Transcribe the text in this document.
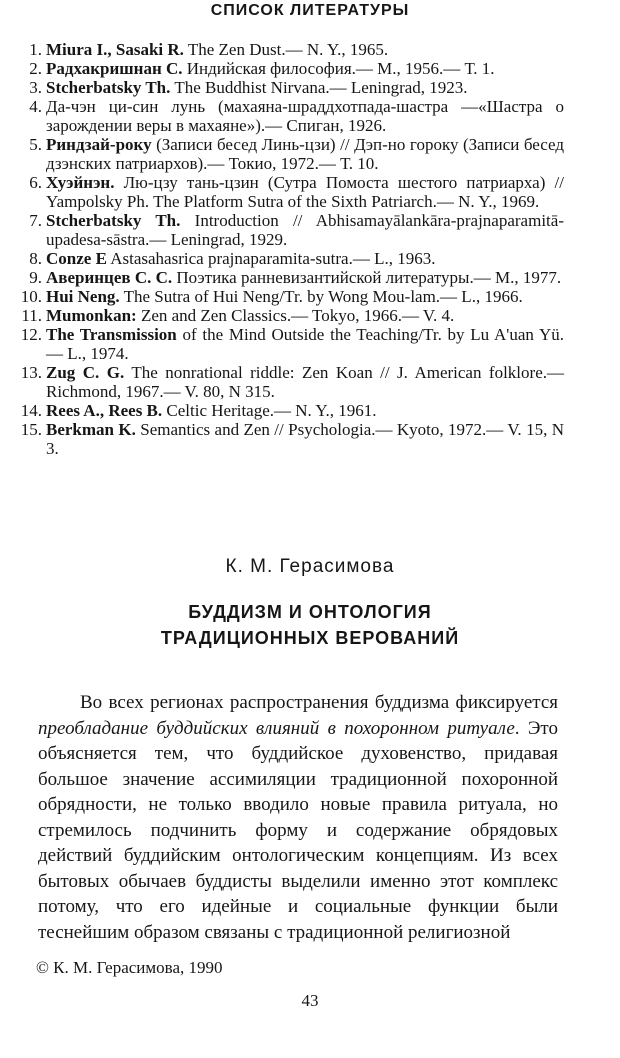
СПИСОК ЛИТЕРАТУРЫ
1. Miura I., Sasaki R. The Zen Dust.— N. Y., 1965.
2. Радхакришнан С. Индийская философия.— М., 1956.— Т. 1.
3. Stcherbatsky Th. The Buddhist Nirvana.— Leningrad, 1923.
4. Да-чэн ци-син лунь (махаяна-шраддхотпада-шастра —«Шастра о зарождении веры в махаяне»).— Спиган, 1926.
5. Риндзай-року (Записи бесед Линь-цзи) // Дэп-но гороку (Записи бесед дзэнских патриархов).— Токио, 1972.— Т. 10.
6. Хуэйнэн. Лю-цзу тань-цзин (Сутра Помоста шестого патриарха) // Yampolsky Ph. The Platform Sutra of the Sixth Patriarch.— N. Y., 1969.
7. Stcherbatsky Th. Introduction // Abhisamayālankāra-prajnaparamitā-upadesa-sāstra.— Leningrad, 1929.
8. Conze E Astasahasrica prajnaparamita-sutra.— L., 1963.
9. Аверинцев С. С. Поэтика ранневизантийской литературы.— М., 1977.
10. Hui Neng. The Sutra of Hui Neng/Tr. by Wong Mou-lam.— L., 1966.
11. Mumonkan: Zen and Zen Classics.— Tokyo, 1966.— V. 4.
12. The Transmission of the Mind Outside the Teaching/Tr. by Lu A'uan Yü.— L., 1974.
13. Zug C. G. The nonrational riddle: Zen Koan // J. American folklore.— Richmond, 1967.— V. 80, N 315.
14. Rees A., Rees B. Celtic Heritage.— N. Y., 1961.
15. Berkman K. Semantics and Zen // Psychologia.— Kyoto, 1972.— V. 15, N 3.
К. М. Герасимова
БУДДИЗМ И ОНТОЛОГИЯ
ТРАДИЦИОННЫХ ВЕРОВАНИЙ
Во всех регионах распространения буддизма фиксируется преобладание буддийских влияний в похоронном ритуале. Это объясняется тем, что буддийское духовенство, придавая большое значение ассимиляции традиционной похоронной обрядности, не только вводило новые правила ритуала, но стремилось подчинить форму и содержание обрядовых действий буддийским онтологическим концепциям. Из всех бытовых обычаев буддисты выделили именно этот комплекс потому, что его идейные и социальные функции были теснейшим образом связаны с традиционной религиозной
© К. М. Герасимова, 1990
43
